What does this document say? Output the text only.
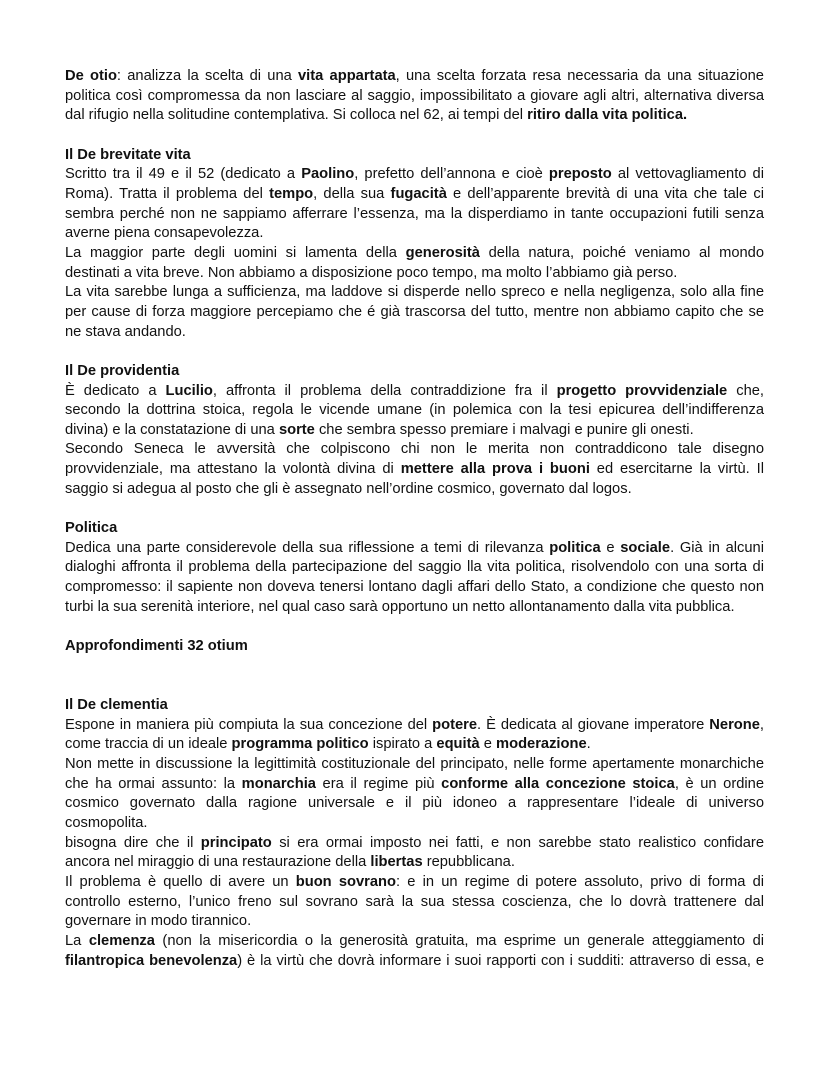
De otio: analizza la scelta di una vita appartata, una scelta forzata resa necessaria da una situazione
politica così compromessa da non lasciare al saggio, impossibilitato a giovare agli altri, alternativa diversa
dal rifugio nella solitudine contemplativa. Si colloca nel 62, ai tempi del ritiro dalla vita politica.
Il De brevitate vita
Scritto tra il 49 e il 52 (dedicato a Paolino, prefetto dell’annona e cioè preposto al vettovagliamento di
Roma). Tratta il problema del tempo, della sua fugacità e dell’apparente brevità di una vita che tale ci
sembra perché non ne sappiamo afferrare l’essenza, ma la disperdiamo in tante occupazioni futili senza
averne piena consapevolezza.
La maggior parte degli uomini si lamenta della generosità della natura, poiché veniamo al mondo
destinati a vita breve. Non abbiamo a disposizione poco tempo, ma molto l’abbiamo già perso.
La vita sarebbe lunga a sufficienza, ma laddove si disperde nello spreco e nella negligenza, solo alla fine
per cause di forza maggiore percepiamo che é già trascorsa del tutto, mentre non abbiamo capito che se
ne stava andando.
Il De providentia
È dedicato a Lucilio, affronta il problema della contraddizione fra il progetto provvidenziale che,
secondo la dottrina stoica, regola le vicende umane (in polemica con la tesi epicurea dell’indifferenza
divina) e la constatazione di una sorte che sembra spesso premiare i malvagi e punire gli onesti.
Secondo Seneca le avversità che colpiscono chi non le merita non contraddicono tale disegno
provvidenziale, ma attestano la volontà divina di mettere alla prova i buoni ed esercitarne la virtù. Il
saggio si adegua al posto che gli è assegnato nell’ordine cosmico, governato dal logos.
Politica
Dedica una parte considerevole della sua riflessione a temi di rilevanza politica e sociale. Già in alcuni
dialoghi affronta il problema della partecipazione del saggio lla vita politica, risolvendolo con una sorta di
compromesso: il sapiente non doveva tenersi lontano dagli affari dello Stato, a condizione che questo non
turbi la sua serenità interiore, nel qual caso sarà opportuno un netto allontanamento dalla vita pubblica.
Approfondimenti 32 otium
Il De clementia
Espone in maniera più compiuta la sua concezione del potere. È dedicata al giovane imperatore Nerone,
come traccia di un ideale programma politico ispirato a equità e moderazione.
Non mette in discussione la legittimità costituzionale del principato, nelle forme apertamente monarchiche
che ha ormai assunto: la monarchia era il regime più conforme alla concezione stoica, è un ordine
cosmico governato dalla ragione universale e il più idoneo a rappresentare l’ideale di universo
cosmopolita.
bisogna dire che il principato si era ormai imposto nei fatti, e non sarebbe stato realistico confidare
ancora nel miraggio di una restaurazione della libertas repubblicana.
Il problema è quello di avere un buon sovrano: e in un regime di potere assoluto, privo di forma di
controllo esterno, l’unico freno sul sovrano sarà la sua stessa coscienza, che lo dovrà trattenere dal
governare in modo tirannico.
La clemenza (non la misericordia o la generosità gratuita, ma esprime un generale atteggiamento di
filantropica benevolenza) è la virtù che dovrà informare i suoi rapporti con i sudditi: attraverso di essa, e
